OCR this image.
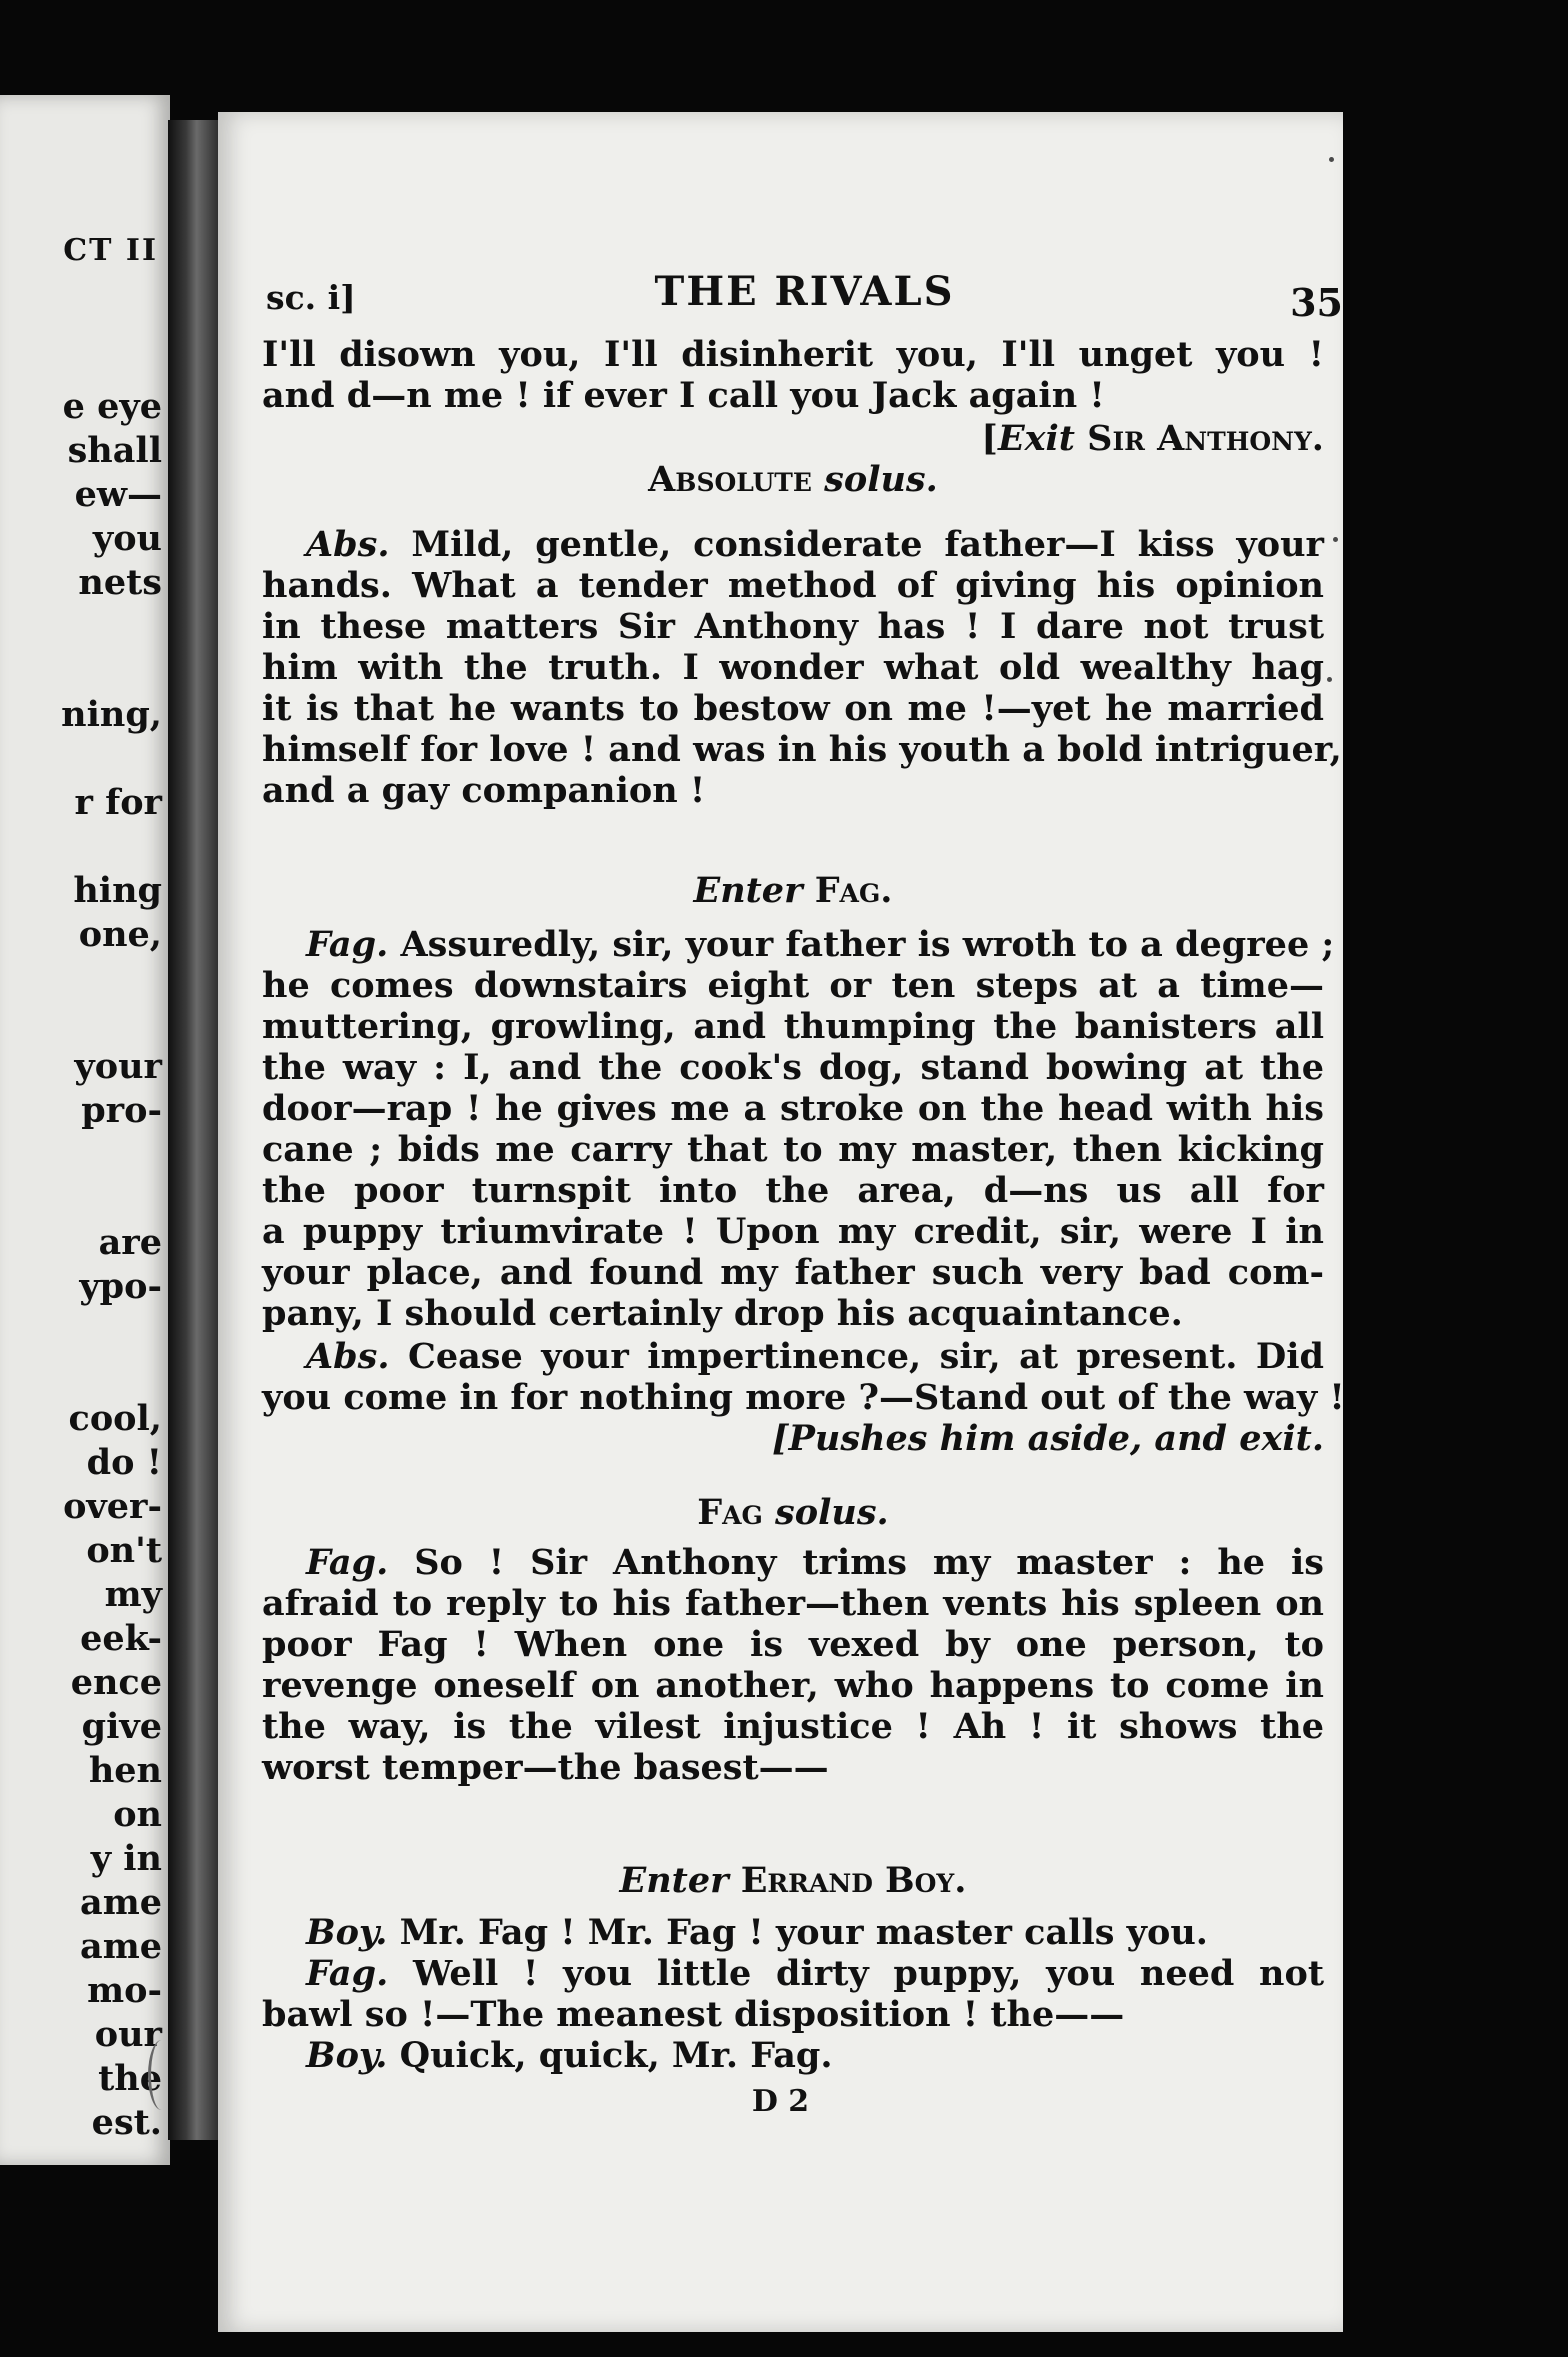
CT II
e eye
shall
ew—
you
nets

ning,

r for

hing
one,

your
pro-

are
ypo-

cool,
do !
over-
on't
my
eek-
ence
give
hen
on
y in
ame
ame
mo-
our
the
est.
sc. i]	THE RIVALS	35
I'll disown you, I'll disinherit you, I'll unget you !
and d—n me ! if ever I call you Jack again !
[Exit Sir Anthony.
Absolute solus.
Abs. Mild, gentle, considerate father—I kiss your
hands. What a tender method of giving his opinion
in these matters Sir Anthony has ! I dare not trust
him with the truth. I wonder what old wealthy hag
it is that he wants to bestow on me !—yet he married
himself for love ! and was in his youth a bold intriguer,
and a gay companion !
Enter Fag.
Fag. Assuredly, sir, your father is wroth to a degree ;
he comes downstairs eight or ten steps at a time—
muttering, growling, and thumping the banisters all
the way : I, and the cook's dog, stand bowing at the
door—rap ! he gives me a stroke on the head with his
cane ; bids me carry that to my master, then kicking
the poor turnspit into the area, d—ns us all for
a puppy triumvirate ! Upon my credit, sir, were I in
your place, and found my father such very bad com-
pany, I should certainly drop his acquaintance.
Abs. Cease your impertinence, sir, at present. Did
you come in for nothing more ?—Stand out of the way !
[Pushes him aside, and exit.
Fag solus.
Fag. So ! Sir Anthony trims my master : he is
afraid to reply to his father—then vents his spleen on
poor Fag ! When one is vexed by one person, to
revenge oneself on another, who happens to come in
the way, is the vilest injustice ! Ah ! it shows the
worst temper—the basest——
Enter Errand Boy.
Boy. Mr. Fag ! Mr. Fag ! your master calls you.
Fag. Well ! you little dirty puppy, you need not
bawl so !—The meanest disposition ! the——
Boy. Quick, quick, Mr. Fag.
D 2
